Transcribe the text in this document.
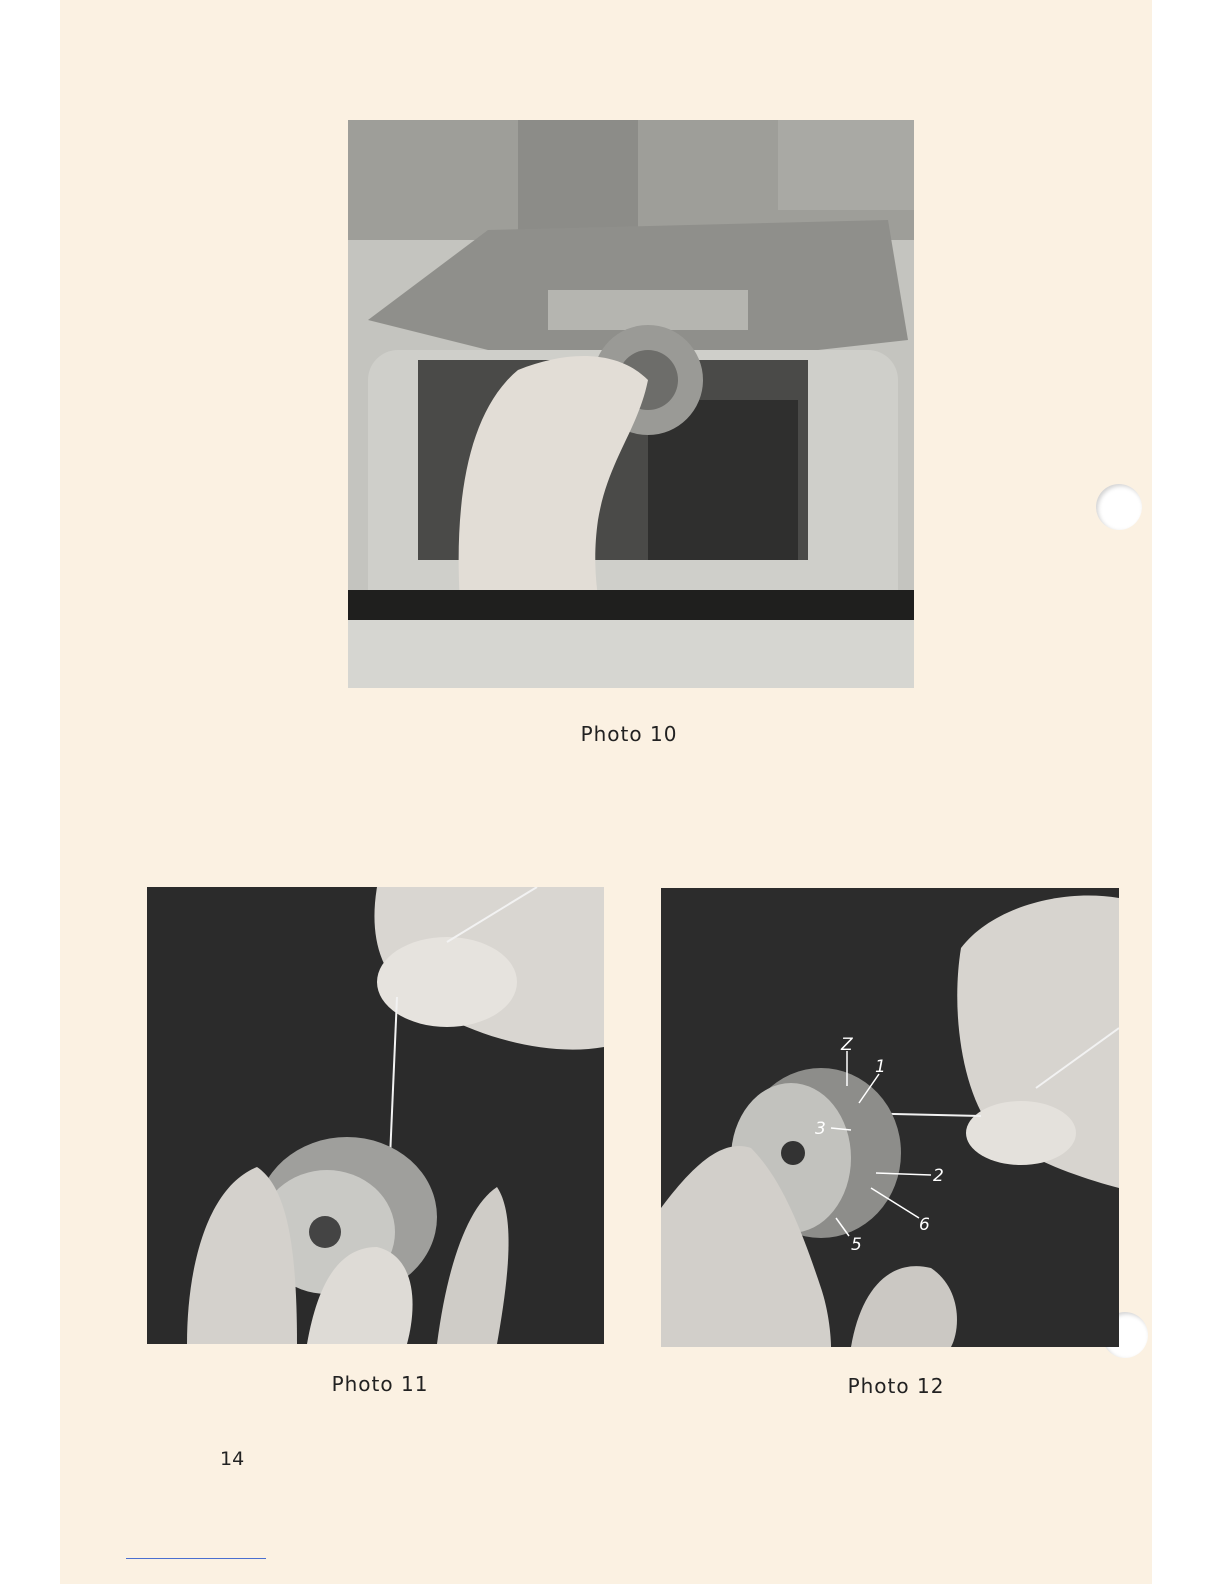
Photo 10
Photo 11
Z
1
3
2
6
5
Photo 12
14
